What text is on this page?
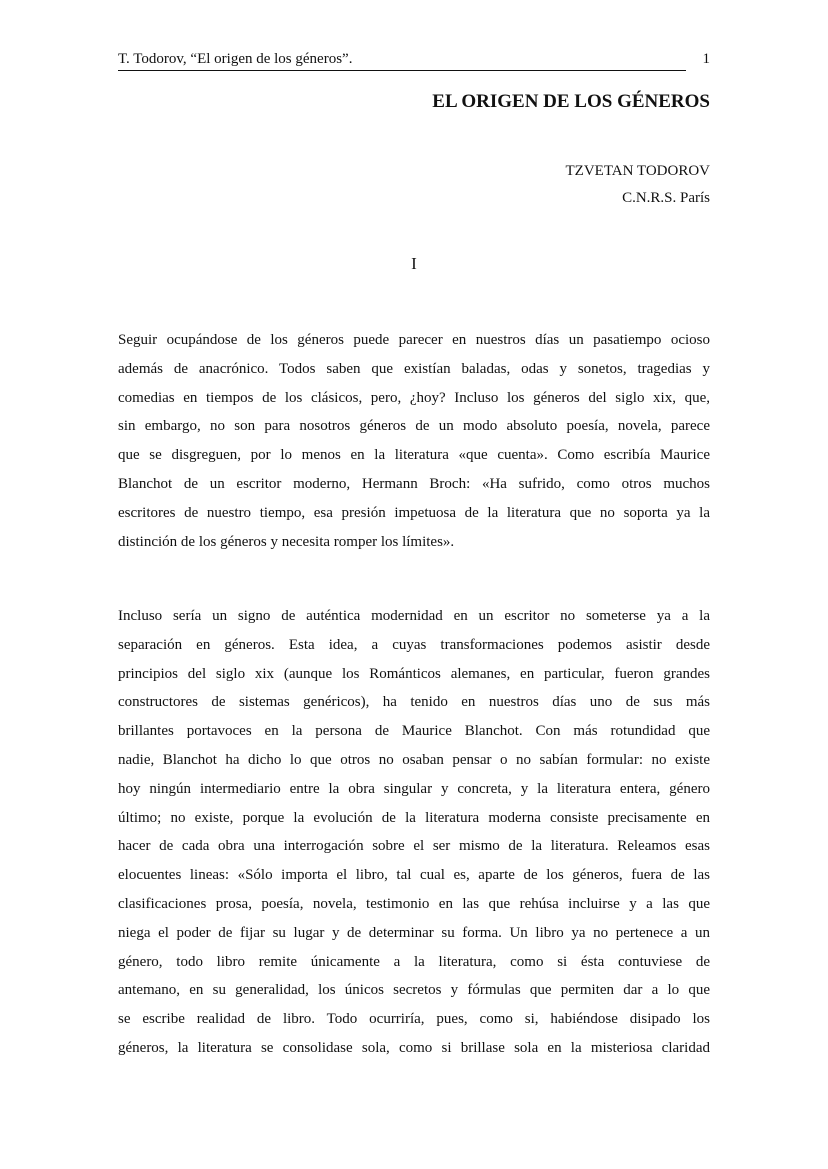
T. Todorov, “El origen de los géneros”.	1
EL ORIGEN DE LOS GÉNEROS
TZVETAN TODOROV
C.N.R.S. París
I
Seguir ocupándose de los géneros puede parecer en nuestros días un pasatiempo ocioso
además de anacrónico. Todos saben que existían baladas, odas y sonetos, tragedias y
comedias en tiempos de los clásicos, pero, ¿hoy? Incluso los géneros del siglo xix, que,
sin embargo, no son para nosotros géneros de un modo absoluto poesía, novela, parece
que se disgreguen, por lo menos en la literatura «que cuenta». Como escribía Maurice
Blanchot de un escritor moderno, Hermann Broch: «Ha sufrido, como otros muchos
escritores de nuestro tiempo, esa presión impetuosa de la literatura que no soporta ya la
distinción de los géneros y necesita romper los límites».
Incluso sería un signo de auténtica modernidad en un escritor no someterse ya a la
separación en géneros. Esta idea, a cuyas transformaciones podemos asistir desde
principios del siglo xix (aunque los Románticos alemanes, en particular, fueron grandes
constructores de sistemas genéricos), ha tenido en nuestros días uno de sus más
brillantes portavoces en la persona de Maurice Blanchot. Con más rotundidad que
nadie, Blanchot ha dicho lo que otros no osaban pensar o no sabían formular: no existe
hoy ningún intermediario entre la obra singular y concreta, y la literatura entera, género
último; no existe, porque la evolución de la literatura moderna consiste precisamente en
hacer de cada obra una interrogación sobre el ser mismo de la literatura. Releamos esas
elocuentes lineas: «Sólo importa el libro, tal cual es, aparte de los géneros, fuera de las
clasificaciones prosa, poesía, novela, testimonio en las que rehúsa incluirse y a las que
niega el poder de fijar su lugar y de determinar su forma. Un libro ya no pertenece a un
género, todo libro remite únicamente a la literatura, como si ésta contuviese de
antemano, en su generalidad, los únicos secretos y fórmulas que permiten dar a lo que
se escribe realidad de libro. Todo ocurriría, pues, como si, habiéndose disipado los
géneros, la literatura se consolidase sola, como si brillase sola en la misteriosa claridad
